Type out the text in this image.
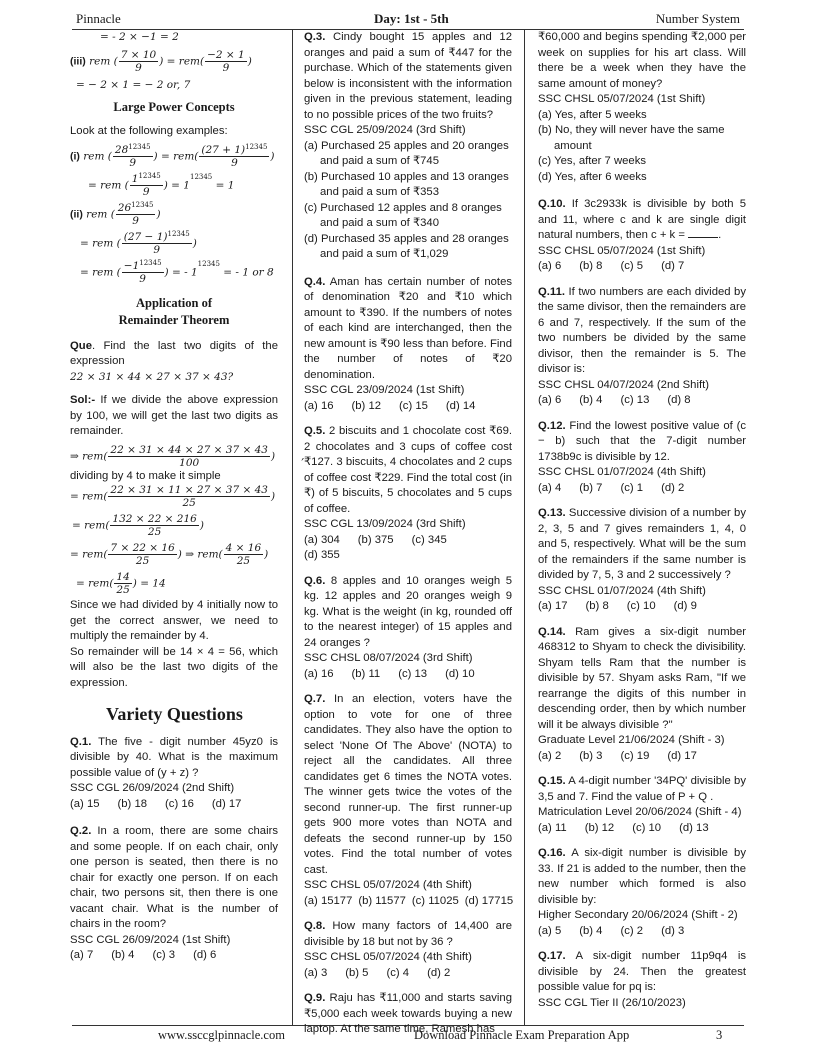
Pinnacle	Day: 1st - 5th	Number System
www.ssccglpinnacle.com	Download Pinnacle Exam Preparation App	3
= - 2 × −1 = 2
(iii) rem ( $\frac{7 \times 10}{9}$ ) = $rem( \frac{-2 \times 1}{9}$ )
= − 2 × 1 = − 2 or, 7
Large Power Concepts
Look at the following examples:
(i) rem ( $\frac{28^{12345}}{9}$ ) = $rem( \frac{(27 + 1)^{12345}}{9}$ )
= rem ( $\frac{1^{12345}}{9}$ ) = $1^{12345} = 1$
(ii) rem ( $\frac{26^{12345}}{9}$ )
= rem ( $\frac{(27 - 1)^{12345}}{9}$ )
= rem ( $\frac{-1^{12345}}{9}$ ) = - $1^{12345}$ = - 1 or 8
Application of Remainder Theorem
Que. Find the last two digits of the expression
22 × 31 × 44 × 27 × 37 × 43?
Sol:- If we divide the above expression by 100, we will get the last two digits as remainder.
⇒ $rem( \frac{22 \times 31 \times 44 \times 27 \times 37 \times 43}{100}$ ) ,
dividing by 4 to make it simple
= $rem( \frac{22 \times 31 \times 11 \times 27 \times 37 \times 43}{25}$ )
= $rem( \frac{132 \times 22 \times 216}{25}$ )
= $rem( \frac{7 \times 22 \times 16}{25}$ ) ⇒ $rem( \frac{4 \times 16}{25}$ )
= $rem( \frac{14}{25}$ ) = 14
Since we had divided by 4 initially now to get the correct answer, we need to multiply the remainder by 4.
So remainder will be 14 × 4 = 56, which will also be the last two digits of the expression.
Variety Questions
Q.1. The five - digit number 45yz0 is divisible by 40. What is the maximum possible value of (y + z) ?
SSC CGL 26/09/2024 (2nd Shift)
(a) 15 (b) 18 (c) 16 (d) 17
Q.2. In a room, there are some chairs and some people. If on each chair, only one person is seated, then there is no chair for exactly one person. If on each chair, two persons sit, then there is one vacant chair. What is the number of chairs in the room?
SSC CGL 26/09/2024 (1st Shift)
(a) 7 (b) 4 (c) 3 (d) 6
Q.3. Cindy bought 15 apples and 12 oranges and paid a sum of ₹447 for the purchase. Which of the statements given below is inconsistent with the information given in the previous statement, leading to no possible prices of the two fruits?
SSC CGL 25/09/2024 (3rd Shift)
(a) Purchased 25 apples and 20 oranges and paid a sum of ₹745
(b) Purchased 10 apples and 13 oranges and paid a sum of ₹353
(c) Purchased 12 apples and 8 oranges and paid a sum of ₹340
(d) Purchased 35 apples and 28 oranges and paid a sum of ₹1,029
Q.4. Aman has certain number of notes of denomination ₹20 and ₹10 which amount to ₹390. If the numbers of notes of each kind are interchanged, then the new amount is ₹90 less than before. Find the number of notes of ₹20 denomination.
SSC CGL 23/09/2024 (1st Shift)
(a) 16 (b) 12 (c) 15 (d) 14
Q.5. 2 biscuits and 1 chocolate cost ₹69. 2 chocolates and 3 cups of coffee cost ₹127. 3 biscuits, 4 chocolates and 2 cups of coffee cost ₹229. Find the total cost (in ₹) of 5 biscuits, 5 chocolates and 5 cups of coffee.
SSC CGL 13/09/2024 (3rd Shift)
(a) 304 (b) 375 (c) 345(d) 355
Q.6. 8 apples and 10 oranges weigh 5 kg. 12 apples and 20 oranges weigh 9 kg. What is the weight (in kg, rounded off to the nearest integer) of 15 apples and 24 oranges ?
SSC CHSL 08/07/2024 (3rd Shift)
(a) 16 (b) 11 (c) 13 (d) 10
Q.7. In an election, voters have the option to vote for one of three candidates. They also have the option to select 'None Of The Above' (NOTA) to reject all the candidates. All three candidates get 6 times the NOTA votes. The winner gets twice the votes of the second runner-up. The first runner-up gets 900 more votes than NOTA and defeats the second runner-up by 150 votes. Find the total number of votes cast.
SSC CHSL 05/07/2024 (4th Shift)
(a) 15177 (b) 11577 (c) 11025 (d) 17715
Q.8. How many factors of 14,400 are divisible by 18 but not by 36 ?
SSC CHSL 05/07/2024 (4th Shift)
(a) 3 (b) 5 (c) 4 (d) 2
Q.9. Raju has ₹11,000 and starts saving ₹5,000 each week towards buying a new laptop. At the same time, Ramesh has
₹60,000 and begins spending ₹2,000 per week on supplies for his art class. Will there be a week when they have the same amount of money?
SSC CHSL 05/07/2024 (1st Shift)
(a) Yes, after 5 weeks
(b) No, they will never have the same amount
(c) Yes, after 7 weeks
(d) Yes, after 6 weeks
Q.10. If 3c2933k is divisible by both 5 and 11, where c and k are single digit natural numbers, then c + k =	.
SSC CHSL 05/07/2024 (1st Shift)
(a) 6 (b) 8 (c) 5 (d) 7
Q.11. If two numbers are each divided by the same divisor, then the remainders are 6 and 7, respectively. If the sum of the two numbers be divided by the same divisor, then the remainder is 5. The divisor is:
SSC CHSL 04/07/2024 (2nd Shift)
(a) 6 (b) 4 (c) 13 (d) 8
Q.12. Find the lowest positive value of (c − b) such that the 7-digit number 1738b9c is divisible by 12.
SSC CHSL 01/07/2024 (4th Shift)
(a) 4 (b) 7 (c) 1 (d) 2
Q.13. Successive division of a number by 2, 3, 5 and 7 gives remainders 1, 4, 0 and 5, respectively. What will be the sum of the remainders if the same number is divided by 7, 5, 3 and 2 successively ?
SSC CHSL 01/07/2024 (4th Shift)
(a) 17 (b) 8 (c) 10 (d) 9
Q.14. Ram gives a six-digit number 468312 to Shyam to check the divisibility. Shyam tells Ram that the number is divisible by 57. Shyam asks Ram, "If we rearrange the digits of this number in descending order, then by which number will it be always divisible ?"
Graduate Level 21/06/2024 (Shift - 3)
(a) 2 (b) 3 (c) 19 (d) 17
Q.15. A 4-digit number '34PQ' divisible by 3,5 and 7. Find the value of P + Q .
Matriculation Level 20/06/2024 (Shift - 4)
(a) 11 (b) 12 (c) 10 (d) 13
Q.16. A six-digit number is divisible by 33. If 21 is added to the number, then the new number which formed is also divisible by:
Higher Secondary 20/06/2024 (Shift - 2)
(a) 5 (b) 4 (c) 2 (d) 3
Q.17. A six-digit number 11p9q4 is divisible by 24. Then the greatest possible value for pq is:
SSC CGL Tier II (26/10/2023)
